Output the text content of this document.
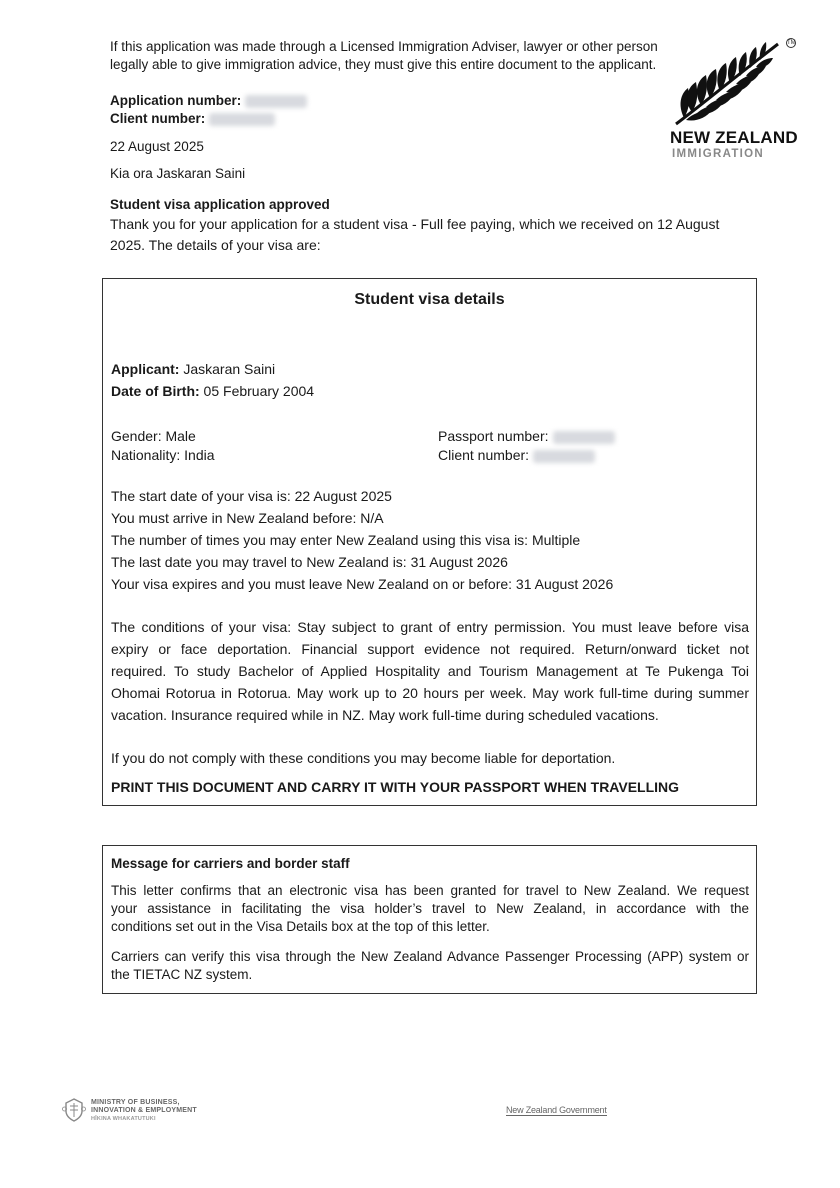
If this application was made through a Licensed Immigration Adviser, lawyer or other person
legally able to give immigration advice, they must give this entire document to the applicant.
TM
NEW ZEALAND
IMMIGRATION
Application number:
Client number:
22 August 2025
Kia ora Jaskaran Saini
Student visa application approved
Thank you for your application for a student visa - Full fee paying, which we received on 12 August
2025. The details of your visa are:
Student visa details
Applicant: Jaskaran Saini
Date of Birth: 05 February 2004
Gender: Male
Nationality: India
Passport number:
Client number:
The start date of your visa is: 22 August 2025
You must arrive in New Zealand before: N/A
The number of times you may enter New Zealand using this visa is: Multiple
The last date you may travel to New Zealand is: 31 August 2026
Your visa expires and you must leave New Zealand on or before: 31 August 2026
The conditions of your visa: Stay subject to grant of entry permission. You must leave before visa
expiry or face deportation. Financial support evidence not required. Return/onward ticket not
required. To study Bachelor of Applied Hospitality and Tourism Management at Te Pukenga Toi
Ohomai Rotorua in Rotorua. May work up to 20 hours per week. May work full-time during summer
vacation. Insurance required while in NZ. May work full-time during scheduled vacations.
If you do not comply with these conditions you may become liable for deportation.
PRINT THIS DOCUMENT AND CARRY IT WITH YOUR PASSPORT WHEN TRAVELLING
Message for carriers and border staff
This letter confirms that an electronic visa has been granted for travel to New Zealand. We request
your assistance in facilitating the visa holder’s travel to New Zealand, in accordance with the
conditions set out in the Visa Details box at the top of this letter.
Carriers can verify this visa through the New Zealand Advance Passenger Processing (APP) system or
the TIETAC NZ system.
MINISTRY OF BUSINESS,
INNOVATION & EMPLOYMENT
HĪKINA WHAKATUTUKI
New Zealand Government
